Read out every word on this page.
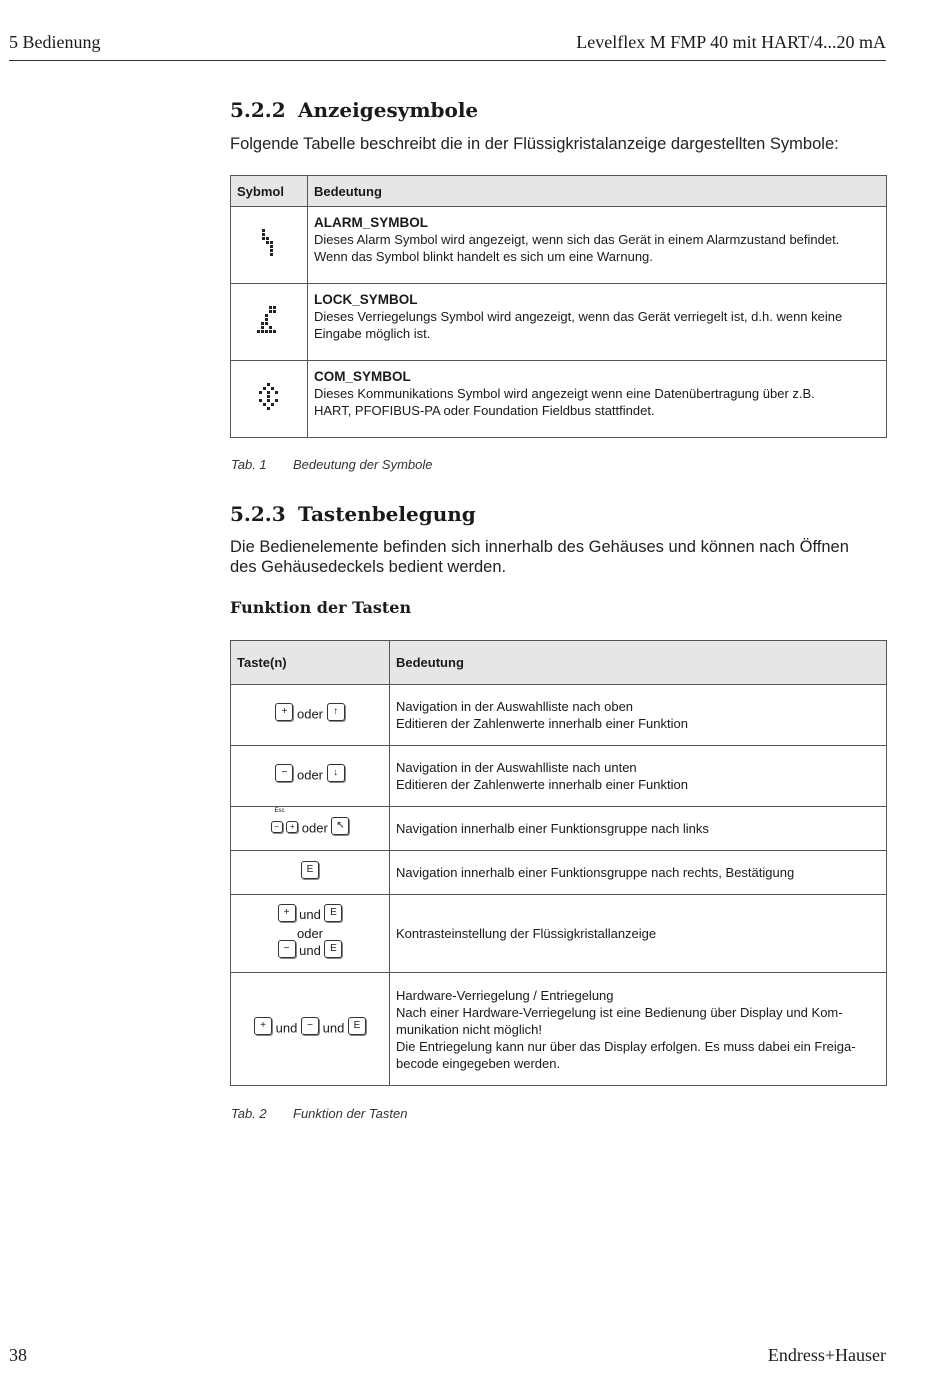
5 Bedienung	Levelflex M FMP 40 mit HART/4...20 mA
5.2.2 Anzeigesymbole
Folgende Tabelle beschreibt die in der Flüssigkristalanzeige dargestellten Symbole:
Sybmol	Bedeutung

ALARM_SYMBOL
Dieses Alarm Symbol wird angezeigt, wenn sich das Gerät in einem Alarmzustand befindet.
Wenn das Symbol blinkt handelt es sich um eine Warnung.

LOCK_SYMBOL
Dieses Verriegelungs Symbol wird angezeigt, wenn das Gerät verriegelt ist, d.h. wenn keine
Eingabe möglich ist.

COM_SYMBOL
Dieses Kommunikations Symbol wird angezeigt wenn eine Datenübertragung über z.B.
HART, PFOFIBUS-PA oder Foundation Fieldbus stattfindet.
Tab. 1 Bedeutung der Symbole
5.2.3 Tastenbelegung
Die Bedienelemente befinden sich innerhalb des Gehäuses und können nach Öffnen
des Gehäusedeckels bedient werden.
Funktion der Tasten
Taste(n)	Bedeutung
+ oder ↑	Navigation in der Auswahlliste nach oben
Editieren der Zahlenwerte innerhalb einer Funktion

− oder ↓	Navigation in der Auswahlliste nach unten
Editieren der Zahlenwerte innerhalb einer Funktion

Esc
− + oder ↖	Navigation innerhalb einer Funktionsgruppe nach links

E	Navigation innerhalb einer Funktionsgruppe nach rechts, Bestätigung

+ und E
oder
− und E	Kontrasteinstellung der Flüssigkristallanzeige

+ und − und E	Hardware-Verriegelung / Entriegelung
Nach einer Hardware-Verriegelung ist eine Bedienung über Display und Kom-
munikation nicht möglich!
Die Entriegelung kann nur über das Display erfolgen. Es muss dabei ein Freiga-
becode eingegeben werden.
Tab. 2 Funktion der Tasten
38	Endress+Hauser
